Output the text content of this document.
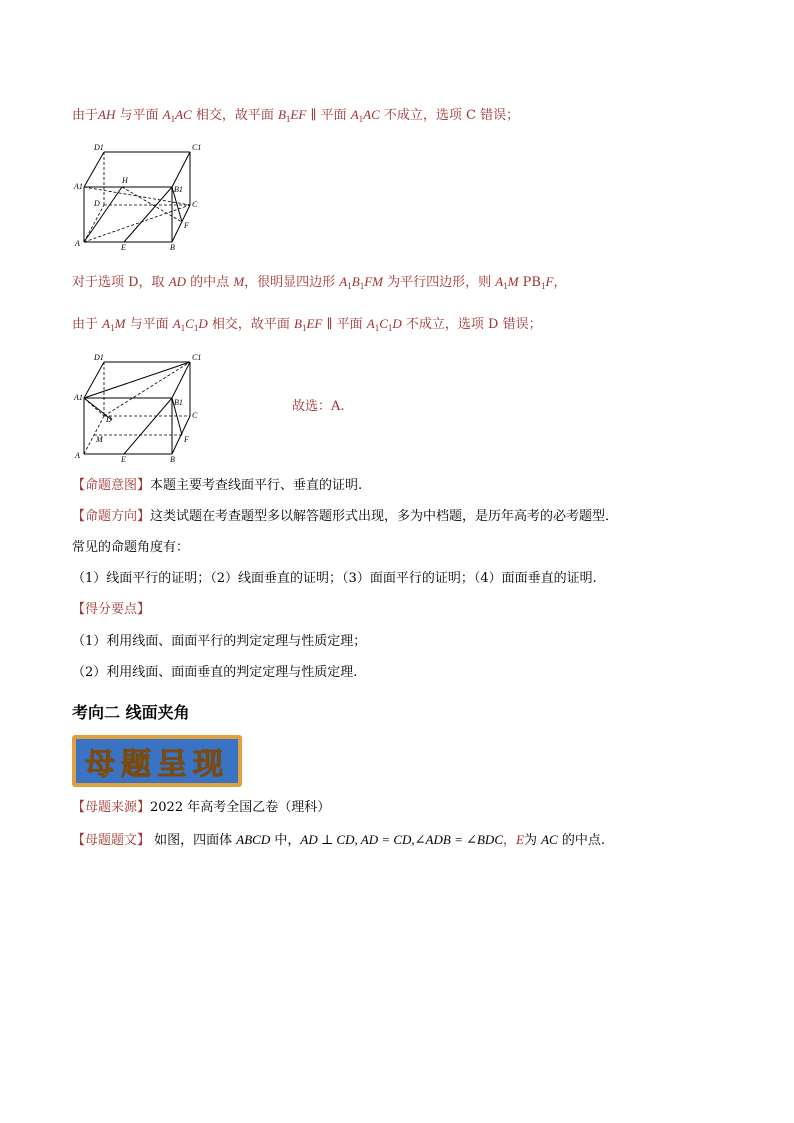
由于AH 与平面 $A_1AC$ 相交，故平面 $B_1EF$ ∥ 平面 $A_1AC$ 不成立，选项 C 错误；
D1	C1
A1
H
B1
D	C
F
A	E	B
对于选项 D，取 AD 的中点 M，很明显四边形 $A_1B_1FM$ 为平行四边形，则 $A_1M$ $PB_1F$，
由于 $A_1M$ 与平面 $A_1C_1D$ 相交，故平面 $B_1EF$ ∥ 平面 $A_1C_1D$ 不成立，选项 D 错误；
D1	C1
A1
B1
D	C
M	F
A	E	B
故选：A.
【命题意图】本题主要考查线面平行、垂直的证明.
【命题方向】这类试题在考查题型多以解答题形式出现，多为中档题，是历年高考的必考题型．
常见的命题角度有：
（1）线面平行的证明；（2）线面垂直的证明；（3）面面平行的证明；（4）面面垂直的证明.
【得分要点】
（1）利用线面、面面平行的判定定理与性质定理；
（2）利用线面、面面垂直的判定定理与性质定理.
考向二 线面夹角
母题呈现
【母题来源】2022 年高考全国乙卷（理科）
【母题题文】 如图，四面体 ABCD 中，AD ⊥ CD, AD = CD,∠ADB = ∠BDC，E为 AC 的中点.
